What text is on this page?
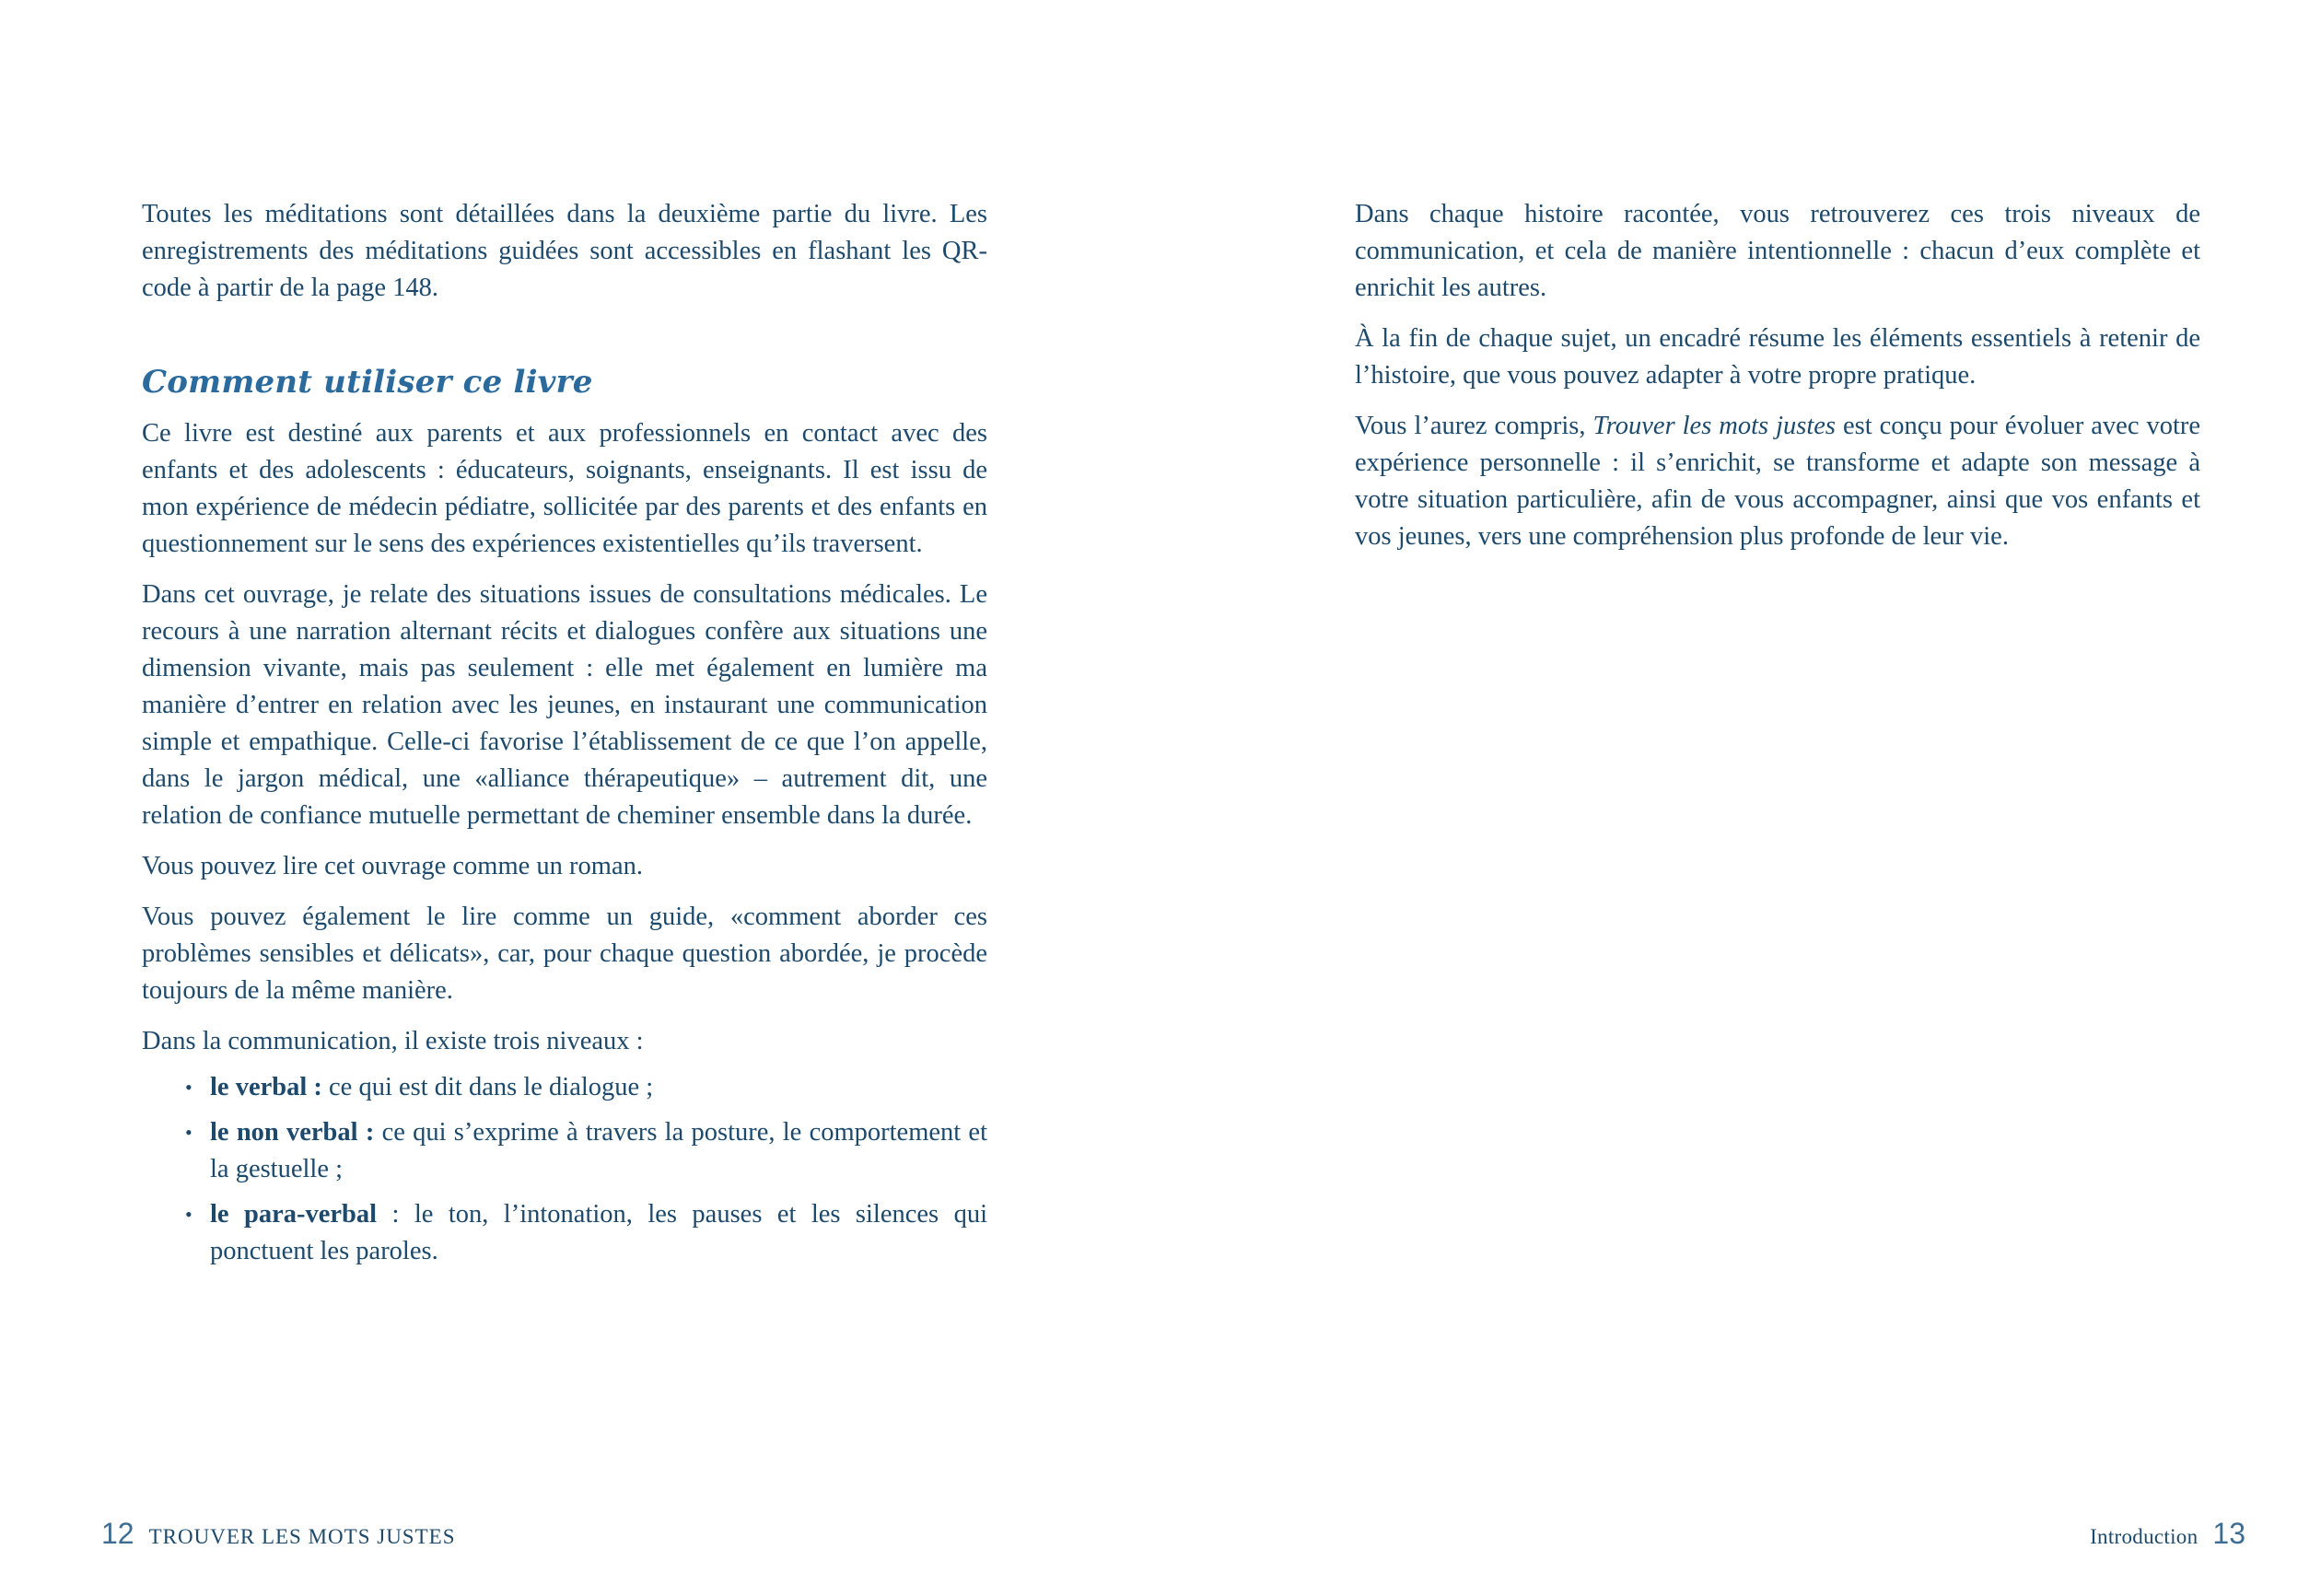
Toutes les méditations sont détaillées dans la deuxième partie du livre. Les enregistrements des méditations guidées sont accessibles en flashant les QR-code à partir de la page 148.

Comment utiliser ce livre

Ce livre est destiné aux parents et aux professionnels en contact avec des enfants et des adolescents : éducateurs, soignants, enseignants. Il est issu de mon expérience de médecin pédiatre, sollicitée par des parents et des enfants en questionnement sur le sens des expériences existentielles qu’ils traversent.

Dans cet ouvrage, je relate des situations issues de consultations médicales. Le recours à une narration alternant récits et dialogues confère aux situations une dimension vivante, mais pas seulement : elle met également en lumière ma manière d’entrer en relation avec les jeunes, en instaurant une communication simple et empathique. Celle-ci favorise l’établissement de ce que l’on appelle, dans le jargon médical, une «alliance thérapeutique» – autrement dit, une relation de confiance mutuelle permettant de cheminer ensemble dans la durée.

Vous pouvez lire cet ouvrage comme un roman.

Vous pouvez également le lire comme un guide, «comment aborder ces problèmes sensibles et délicats», car, pour chaque question abordée, je procède toujours de la même manière.

Dans la communication, il existe trois niveaux :

• le verbal : ce qui est dit dans le dialogue ;
• le non verbal : ce qui s’exprime à travers la posture, le comportement et la gestuelle ;
• le para-verbal : le ton, l’intonation, les pauses et les silences qui ponctuent les paroles.
12 TROUVER LES MOTS JUSTES

Dans chaque histoire racontée, vous retrouverez ces trois niveaux de communication, et cela de manière intentionnelle : chacun d’eux complète et enrichit les autres.

À la fin de chaque sujet, un encadré résume les éléments essentiels à retenir de l’histoire, que vous pouvez adapter à votre propre pratique.

Vous l’aurez compris, Trouver les mots justes est conçu pour évoluer avec votre expérience personnelle : il s’enrichit, se transforme et adapte son message à votre situation particulière, afin de vous accompagner, ainsi que vos enfants et vos jeunes, vers une compréhension plus profonde de leur vie.

Introduction 13
